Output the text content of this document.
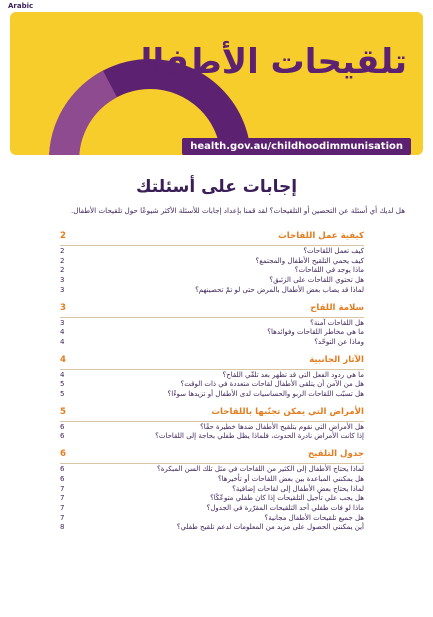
Arabic
تلقيحات الأطفال
health.gov.au/childhoodimmunisation
إجابات على أسئلتك
هل لديك أي أسئلة عن التحصين أو التلقيحات؟ لقد قمنا بإعداد إجابات للأسئلة الأكثر شيوعًا حول تلقيحات الأطفال.
كيفية عمل اللقاحات
2
كيف تعمل اللقاحات؟
2
كيف يحمي التلقيح الأطفال والمجتمع؟
2
ماذا يوجد في اللقاحات؟
2
هل تحتوي اللقاحات على الزئبق؟
3
لماذا قد يصاب بعض الأطفال بالمرض حتى لو تمّ تحصينهم؟
3
سلامة اللقاح
3
هل اللقاحات آمنة؟
3
ما هي مخاطر اللقاحات وفوائدها؟
4
وماذا عن التوحّد؟
4
الآثار الجانبية
4
ما هي ردود الفعل التي قد تظهر بعد تلقّي اللقاح؟
4
هل من الآمن أن يتلقى الأطفال لقاحات متعددة في ذات الوقت؟
5
هل تسبّب اللقاحات الربو والحساسيات لدى الأطفال أو تزيدها سوءًا؟
5
الأمراض التي يمكن تجنّبها باللقاحات
5
هل الأمراض التي نقوم بتلقيح الأطفال ضدها خطيرة حقًا؟
6
إذا كانت الأمراض نادرة الحدوث، فلماذا يظل طفلي بحاجة إلى اللقاحات؟
6
جدول التلقيح
6
لماذا يحتاج الأطفال إلى الكثير من اللقاحات في مثل تلك السن المبكرة؟
6
هل يمكنني المباعدة بين بعض اللقاحات أو تأخيرها؟
6
لماذا يحتاج بعض الأطفال إلى لقاحات إضافية؟
7
هل يجب علي تأجيل التلقيحات إذا كان طفلي متوعّكًا؟
7
ماذا لو فات طفلي أحد التلقيحات المقرّرة في الجدول؟
7
هل جميع تلقيحات الأطفال مجانية؟
7
أين يمكنني الحصول على مزيد من المعلومات لدعم تلقيح طفلي؟
8
